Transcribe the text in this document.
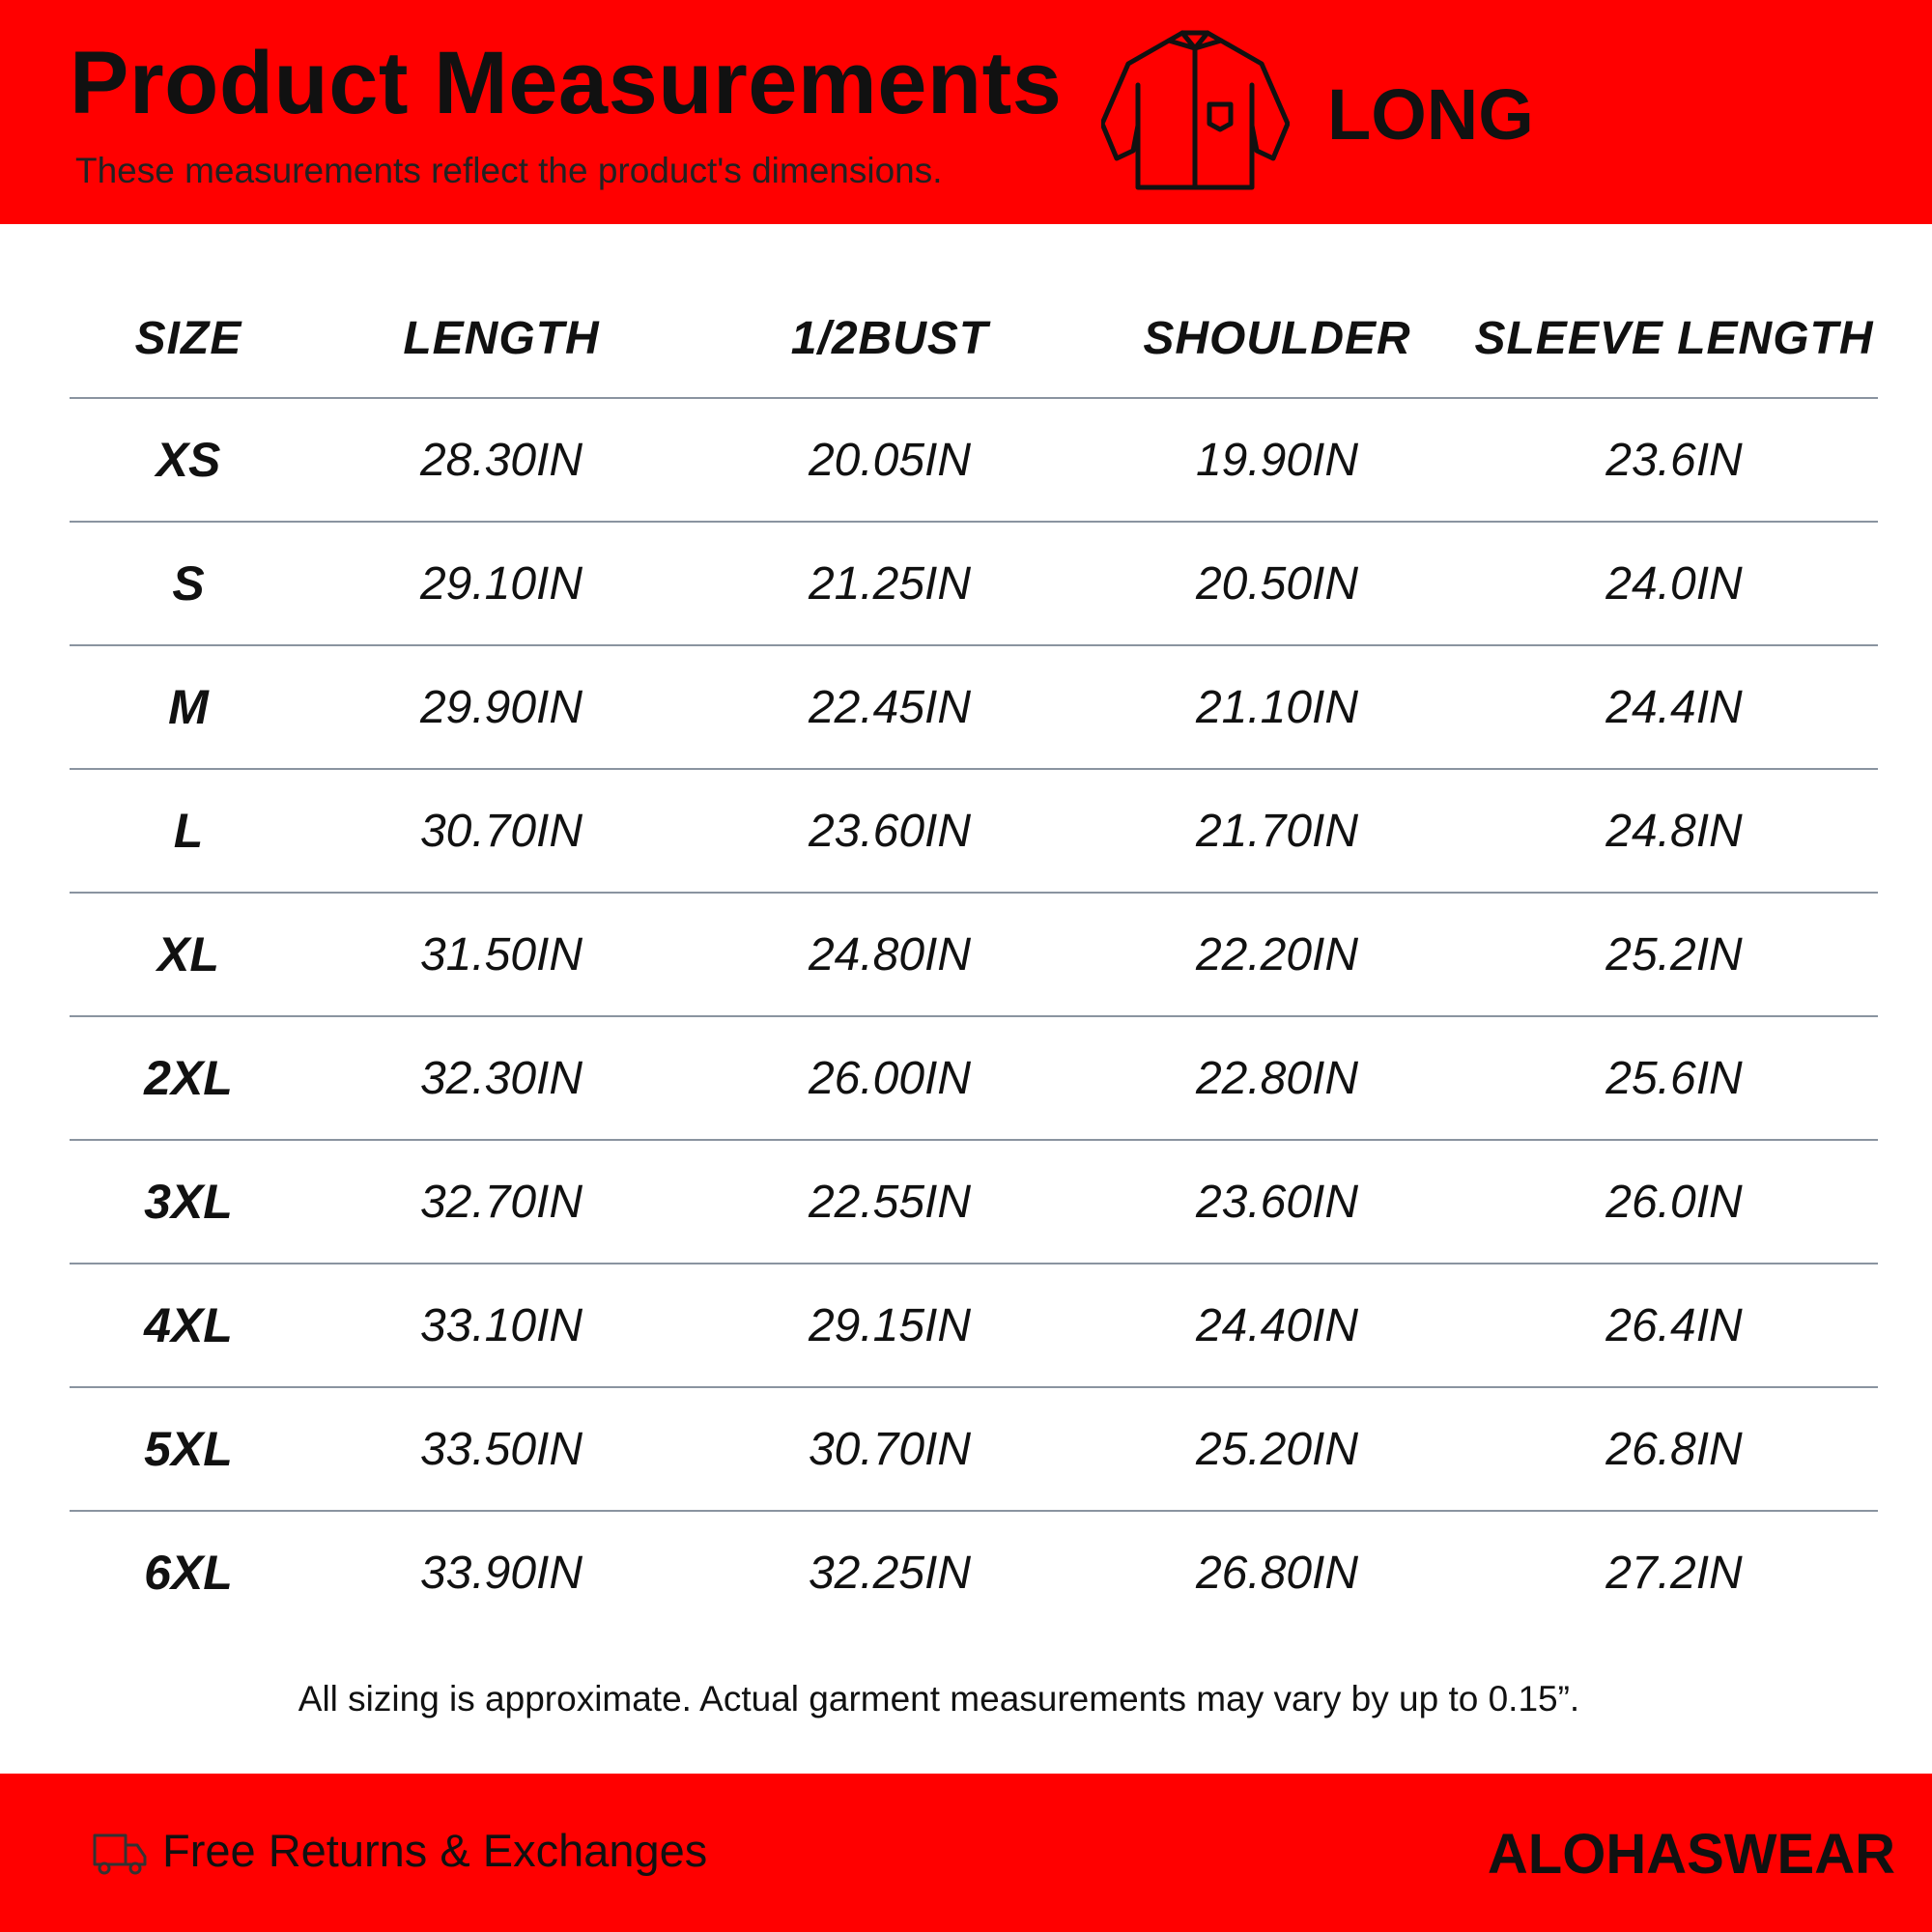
Product Measurements
These measurements reflect the product's dimensions.
LONG
SIZE	LENGTH	1/2BUST	SHOULDER	SLEEVE LENGTH
XS	28.30IN	20.05IN	19.90IN	23.6IN
S	29.10IN	21.25IN	20.50IN	24.0IN
M	29.90IN	22.45IN	21.10IN	24.4IN
L	30.70IN	23.60IN	21.70IN	24.8IN
XL	31.50IN	24.80IN	22.20IN	25.2IN
2XL	32.30IN	26.00IN	22.80IN	25.6IN
3XL	32.70IN	22.55IN	23.60IN	26.0IN
4XL	33.10IN	29.15IN	24.40IN	26.4IN
5XL	33.50IN	30.70IN	25.20IN	26.8IN
6XL	33.90IN	32.25IN	26.80IN	27.2IN
All sizing is approximate. Actual garment measurements may vary by up to 0.15”.
Free Returns & Exchanges	ALOHASWEAR
